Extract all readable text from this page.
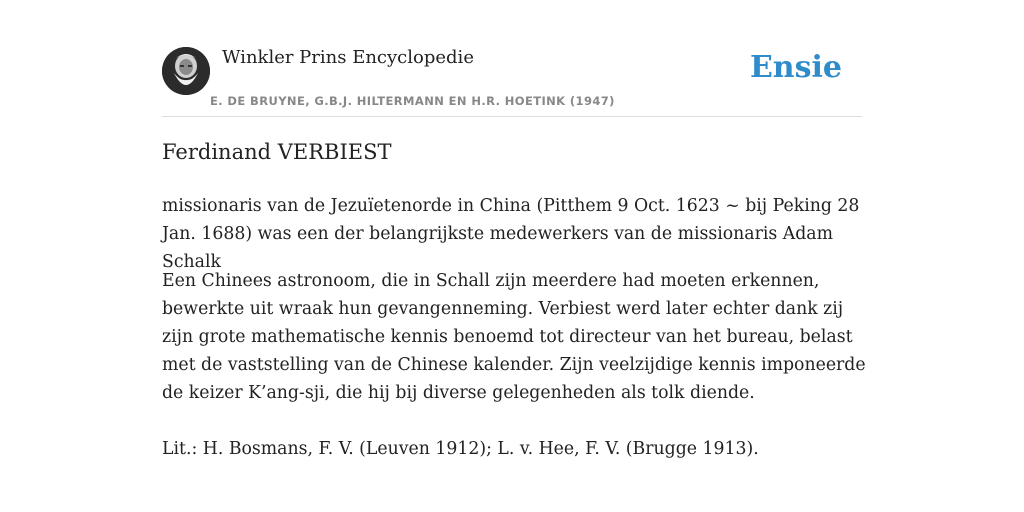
Winkler Prins Encyclopedie
E. DE BRUYNE, G.B.J. HILTERMANN EN H.R. HOETINK (1947)
Ensie
Ferdinand VERBIEST

missionaris van de Jezuïetenorde in China (Pitthem 9 Oct. 1623 ~ bij Peking 28 Jan. 1688) was een der belangrijkste medewerkers van de missionaris Adam Schalk

Een Chinees astronoom, die in Schall zijn meerdere had moeten erkennen, bewerkte uit wraak hun gevangenneming. Verbiest werd later echter dank zij zijn grote mathematische kennis benoemd tot directeur van het bureau, belast met de vaststelling van de Chinese kalender. Zijn veelzijdige kennis imponeerde de keizer K’ang-sji, die hij bij diverse gelegenheden als tolk diende.

Lit.: H. Bosmans, F. V. (Leuven 1912); L. v. Hee, F. V. (Brugge 1913).
